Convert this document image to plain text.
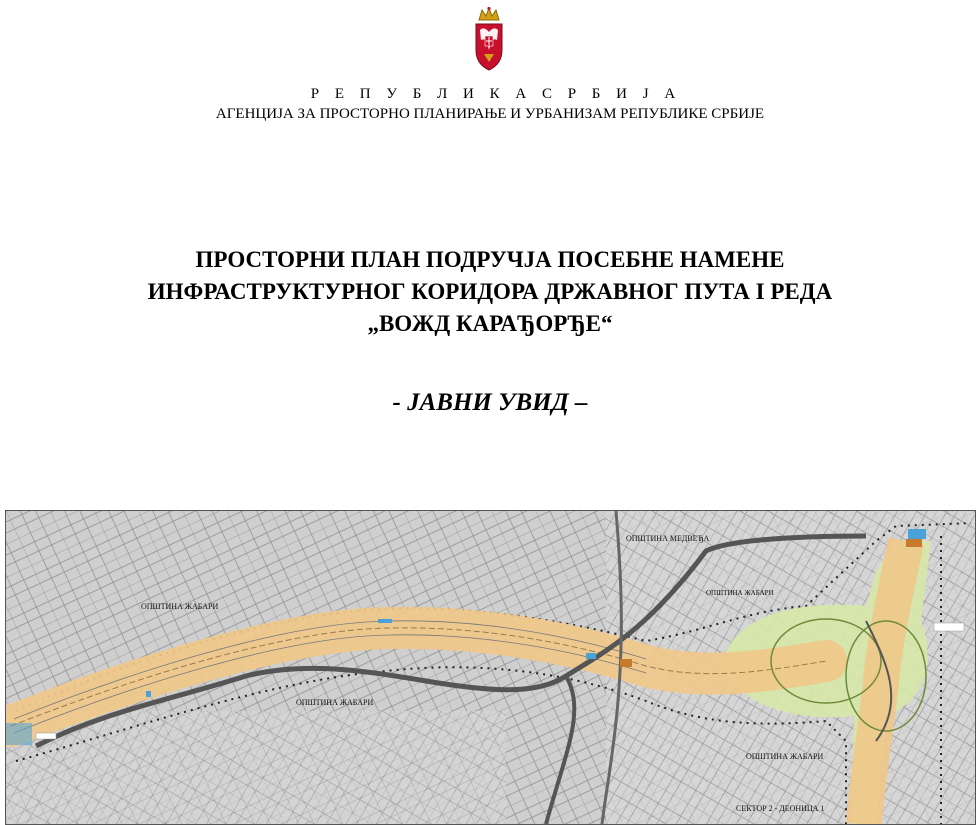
Р Е П У Б Л И К А С Р Б И Ј А
АГЕНЦИЈА ЗА ПРОСТОРНО ПЛАНИРАЊЕ И УРБАНИЗАМ РЕПУБЛИКЕ СРБИЈЕ
ПРОСТОРНИ ПЛАН ПОДРУЧЈА ПОСЕБНЕ НАМЕНЕ
ИНФРАСТРУКТУРНОГ КОРИДОРА ДРЖАВНОГ ПУТА I РЕДА
„ВОЖД КАРАЂОРЂЕ“
- ЈАВНИ УВИД –
ОПШТИНА ЖАБАРИ
ОПШТИНА ЖАБАРИ
ОПШТИНА МЕДВЕЂА
ОПШТИНА ЖАБАРИ
ОПШТИНА ЖАБАРИ
СЕКТОР 2 - ДЕОНИЦА 1
